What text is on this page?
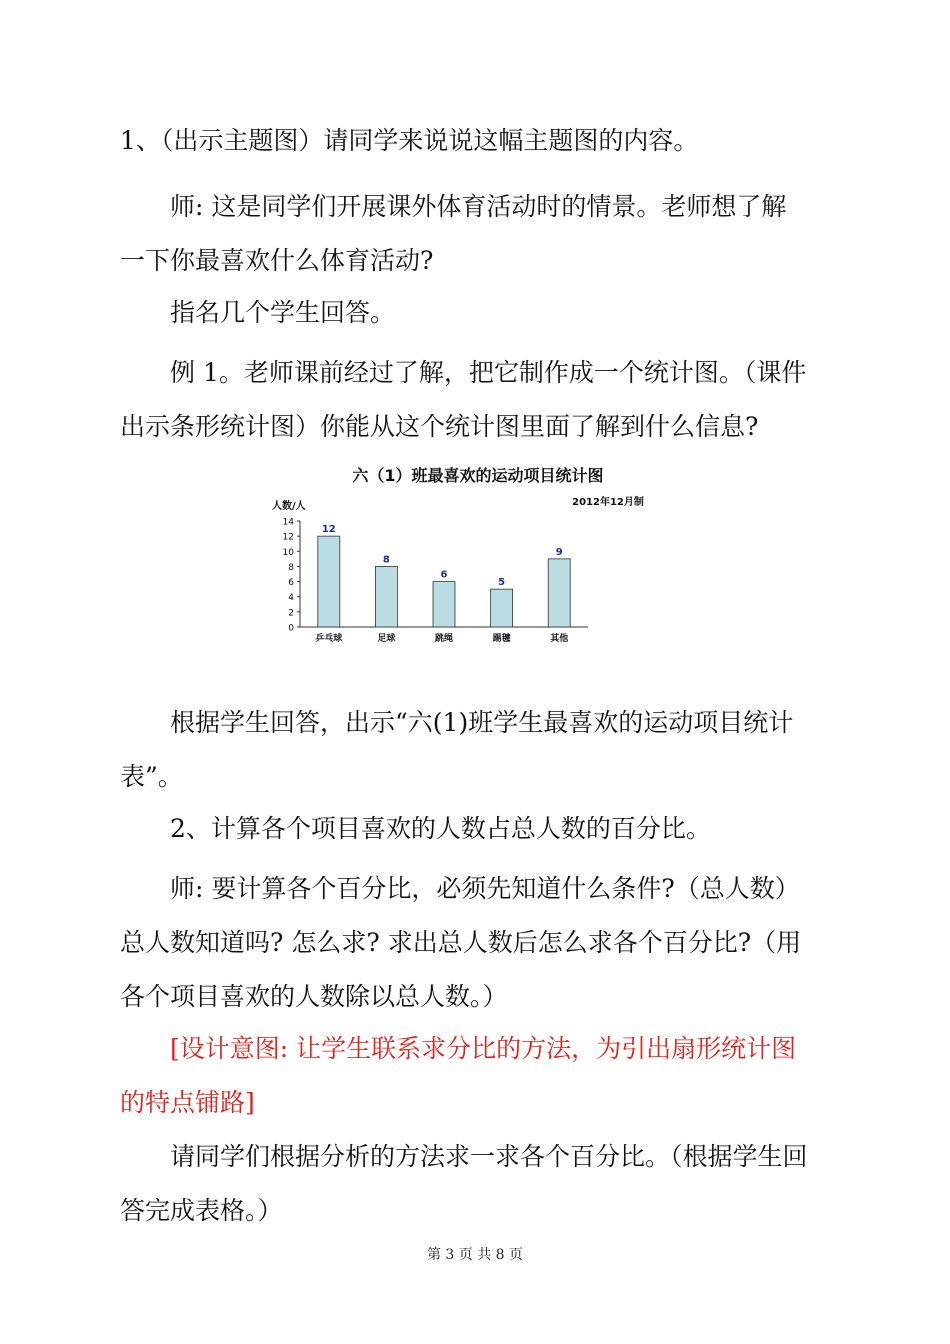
1、（出示主题图）请同学来说说这幅主题图的内容。

　　师: 这是同学们开展课外体育活动时的情景。老师想了解一下你最喜欢什么体育活动?

　　指名几个学生回答。

　　例 1。老师课前经过了解，把它制作成一个统计图。（课件出示条形统计图）你能从这个统计图里面了解到什么信息?

六（1）班最喜欢的运动项目统计图
人数/人	2012年12月制
0
2
4
6
8
10
12
14
12
乒乓球
8
足球
6
跳绳
5
踢毽
9
其他

　　根据学生回答，出示“六(1)班学生最喜欢的运动项目统计表”。

　　2、计算各个项目喜欢的人数占总人数的百分比。

　　师: 要计算各个百分比，必须先知道什么条件?（总人数）总人数知道吗? 怎么求? 求出总人数后怎么求各个百分比?（用各个项目喜欢的人数除以总人数。）

　　[设计意图: 让学生联系求分比的方法，为引出扇形统计图的特点铺路]

　　请同学们根据分析的方法求一求各个百分比。（根据学生回答完成表格。）

第 3 页 共 8 页
